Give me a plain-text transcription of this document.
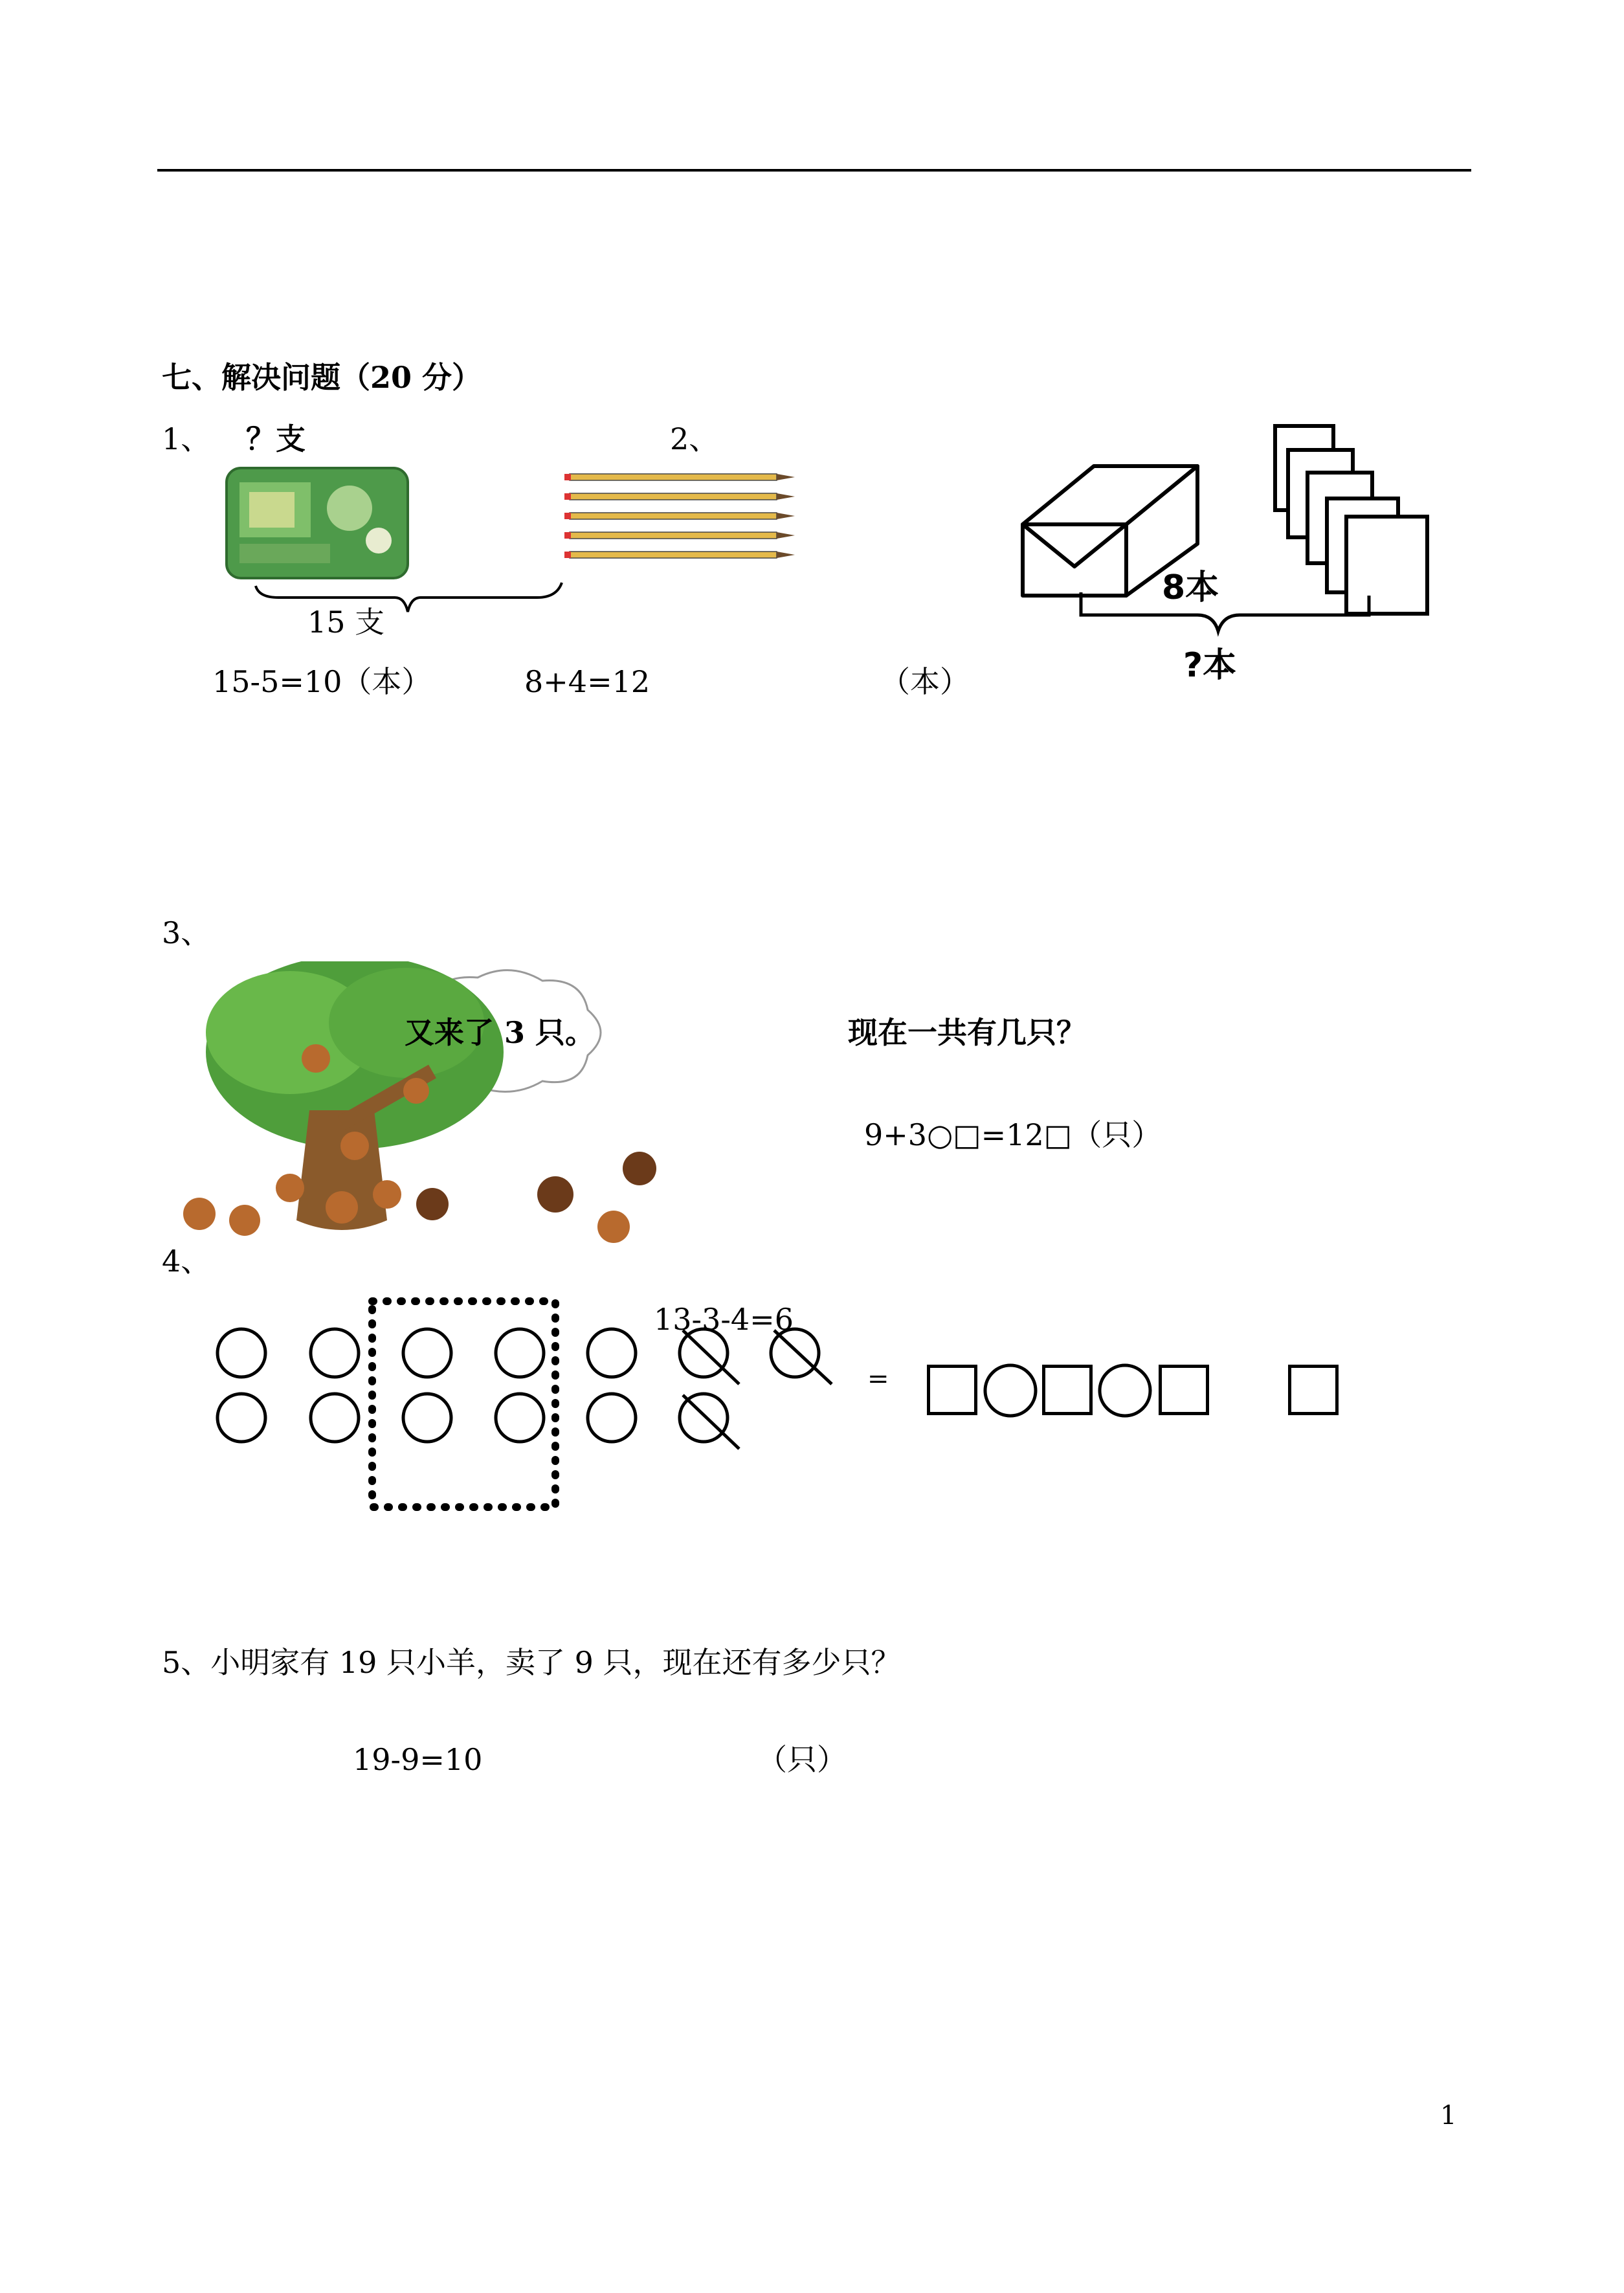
七、解决问题（20 分）
1、 ？支
15 支
15-5=10（本）
2、
8本
?本
8+4=12	（本）
3、
又来了 3 只。	现在一共有几只？
9+3○□=12□（只）
4、
13-3-4=6
=
5、小明家有 19 只小羊，卖了 9 只，现在还有多少只？
19-9=10	（只）
1
